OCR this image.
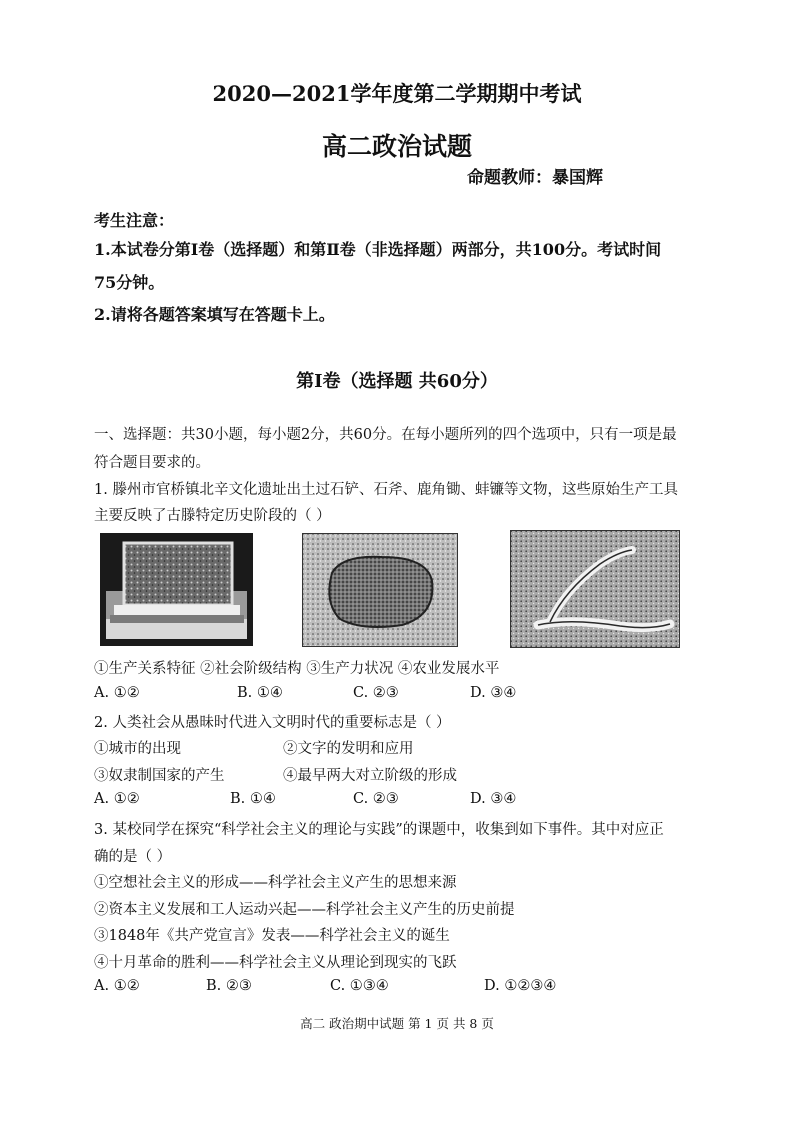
2020—2021学年度第二学期期中考试
高二政治试题
命题教师：暴国辉
考生注意：
1.本试卷分第Ⅰ卷（选择题）和第Ⅱ卷（非选择题）两部分，共100分。考试时间
75分钟。
2.请将各题答案填写在答题卡上。
第Ⅰ卷（选择题 共60分）
一、选择题：共30小题，每小题2分，共60分。在每小题所列的四个选项中，只有一项是最
符合题目要求的。
1. 滕州市官桥镇北辛文化遗址出土过石铲、石斧、鹿角锄、蚌镰等文物，这些原始生产工具
主要反映了古滕特定历史阶段的（ ）
①生产关系特征 ②社会阶级结构 ③生产力状况 ④农业发展水平
A. ①②	B. ①④	C. ②③	D. ③④
2. 人类社会从愚昧时代进入文明时代的重要标志是（ ）
①城市的出现	②文字的发明和应用
③奴隶制国家的产生	④最早两大对立阶级的形成
A. ①②	B. ①④	C. ②③	D. ③④
3. 某校同学在探究“科学社会主义的理论与实践”的课题中，收集到如下事件。其中对应正
确的是（ ）
①空想社会主义的形成——科学社会主义产生的思想来源
②资本主义发展和工人运动兴起——科学社会主义产生的历史前提
③1848年《共产党宣言》发表——科学社会主义的诞生
④十月革命的胜利——科学社会主义从理论到现实的飞跃
A. ①②	B. ②③	C. ①③④	D. ①②③④
高二 政治期中试题 第 1 页 共 8 页
